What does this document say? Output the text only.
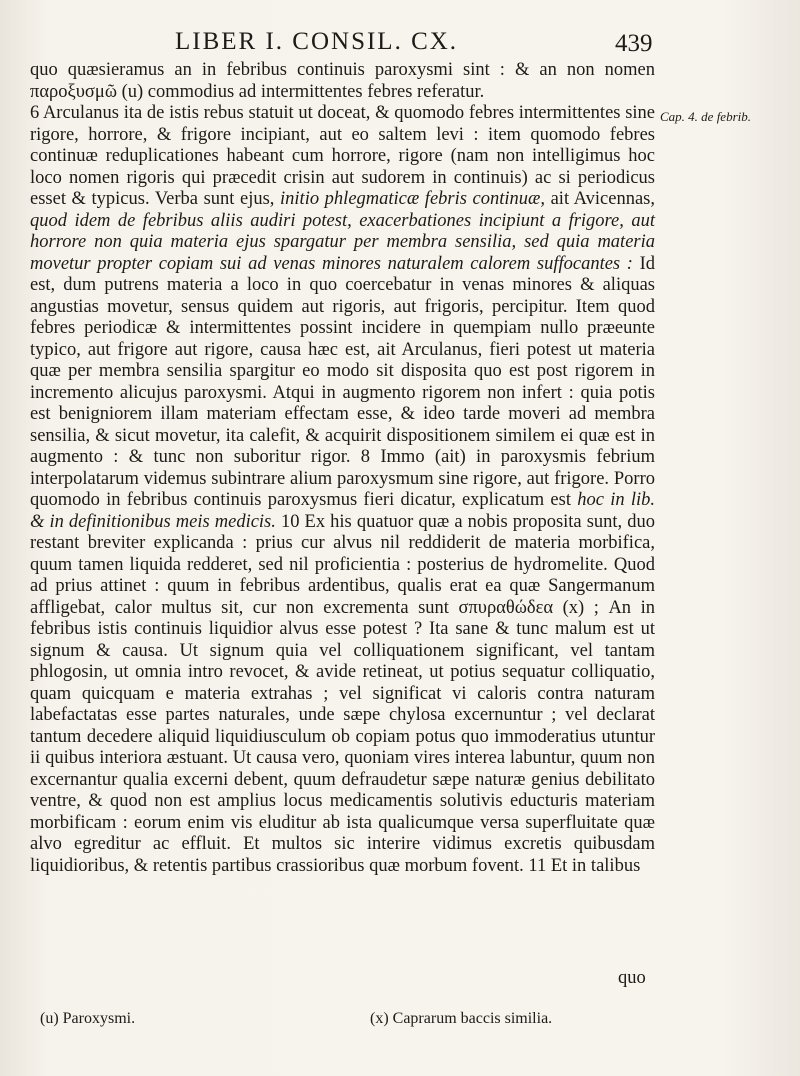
LIBER I. CONSIL. CX.	439

quo quæsieramus an in febribus continuis paroxysmi sint : & an non nomen παροξυσμῶ (u) commodius ad intermittentes febres referatur.

6 Arculanus ita de istis rebus statuit ut doceat, & quomodo febres intermittentes sine rigore, horrore, & frigore incipiant, aut eo saltem levi : item quomodo febres continuæ reduplicationes habeant cum horrore, rigore (nam non intelligimus hoc loco nomen rigoris qui præcedit crisin aut sudorem in continuis) ac si periodicus esset & typicus. Verba sunt ejus, initio phlegmaticæ febris continuæ, ait Avicennas, quod idem de febribus aliis audiri potest, exacerbationes incipiunt a frigore, aut horrore non quia materia ejus spargatur per membra sensilia, sed quia materia movetur propter copiam sui ad venas minores naturalem calorem suffocantes : Id est, dum putrens materia a loco in quo coercebatur in venas minores & aliquas angustias movetur, sensus quidem aut rigoris, aut frigoris, percipitur. Item quod febres periodicæ & intermittentes possint incidere in quempiam nullo præeunte typico, aut frigore aut rigore, causa hæc est, ait Arculanus, fieri potest ut materia quæ per membra sensilia spargitur eo modo sit disposita quo est post rigorem in incremento alicujus paroxysmi. Atqui in augmento rigorem non infert : quia potis est benigniorem illam materiam effectam esse, & ideo tarde moveri ad membra sensilia, & sicut movetur, ita calefit, & acquirit dispositionem similem ei quæ est in augmento : & tunc non suboritur rigor. 8 Immo (ait) in paroxysmis febrium interpolatarum videmus subintrare alium paroxysmum sine rigore, aut frigore. Porro quomodo in febribus continuis paroxysmus fieri dicatur, explicatum est hoc in lib. & in definitionibus meis medicis. 10 Ex his quatuor quæ a nobis proposita sunt, duo restant breviter explicanda : prius cur alvus nil reddiderit de materia morbifica, quum tamen liquida redderet, sed nil proficientia : posterius de hydromelite. Quod ad prius attinet : quum in febribus ardentibus, qualis erat ea quæ Sangermanum affligebat, calor multus sit, cur non excrementa sunt σπυραθώδεα (x) ; An in febribus istis continuis liquidior alvus esse potest ? Ita sane & tunc malum est ut signum & causa. Ut signum quia vel colliquationem significant, vel tantam phlogosin, ut omnia intro revocet, & avide retineat, ut potius sequatur colliquatio, quam quicquam e materia extrahas ; vel significat vi caloris contra naturam labefactatas esse partes naturales, unde sæpe chylosa excernuntur ; vel declarat tantum decedere aliquid liquidiusculum ob copiam potus quo immoderatius utuntur ii quibus interiora æstuant. Ut causa vero, quoniam vires interea labuntur, quum non excernantur qualia excerni debent, quum defraudetur sæpe naturæ genius debilitato ventre, & quod non est amplius locus medicamentis solutivis educturis materiam morbificam : eorum enim vis eluditur ab ista qualicumque versa superfluitate quæ alvo egreditur ac effluit. Et multos sic interire vidimus excretis quibusdam liquidioribus, & retentis partibus crassioribus quæ morbum fovent. 11 Et in talibus

Cap. 4. de febrib.
quo
(u) Paroxysmi.	(x) Caprarum baccis similia.
